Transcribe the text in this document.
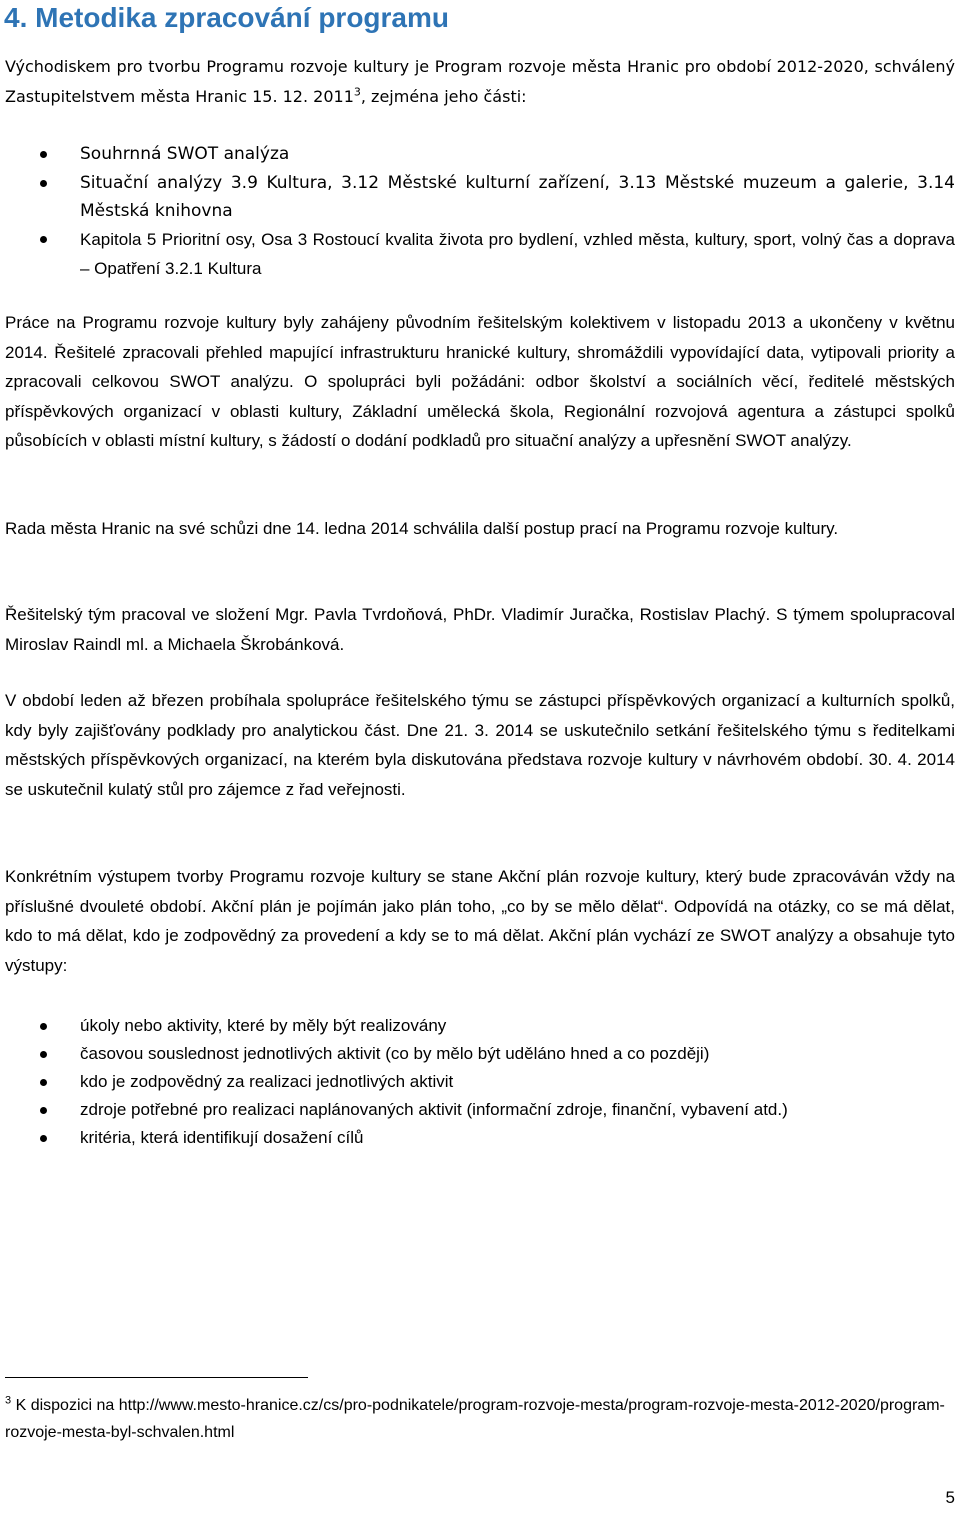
4. Metodika zpracování programu

Východiskem pro tvorbu Programu rozvoje kultury je Program rozvoje města Hranic pro období 2012-2020, schválený Zastupitelstvem města Hranic 15. 12. 2011$^3$, zejména jeho části:

Souhrnná SWOT analýza
Situační analýzy 3.9 Kultura, 3.12 Městské kulturní zařízení, 3.13 Městské muzeum a galerie, 3.14 Městská knihovna
Kapitola 5 Prioritní osy, Osa 3 Rostoucí kvalita života pro bydlení, vzhled města, kultury, sport, volný čas a doprava – Opatření 3.2.1 Kultura

Práce na Programu rozvoje kultury byly zahájeny původním řešitelským kolektivem v listopadu 2013 a ukončeny v květnu 2014. Řešitelé zpracovali přehled mapující infrastrukturu hranické kultury, shromáždili vypovídající data, vytipovali priority a zpracovali celkovou SWOT analýzu. O spolupráci byli požádáni: odbor školství a sociálních věcí, ředitelé městských příspěvkových organizací v oblasti kultury, Základní umělecká škola, Regionální rozvojová agentura a zástupci spolků působících v oblasti místní kultury, s žádostí o dodání podkladů pro situační analýzy a upřesnění SWOT analýzy.

Rada města Hranic na své schůzi dne 14. ledna 2014 schválila další postup prací na Programu rozvoje kultury.

Řešitelský tým pracoval ve složení Mgr. Pavla Tvrdoňová, PhDr. Vladimír Juračka, Rostislav Plachý. S týmem spolupracoval Miroslav Raindl ml. a Michaela Škrobánková.

V období leden až březen probíhala spolupráce řešitelského týmu se zástupci příspěvkových organizací a kulturních spolků, kdy byly zajišťovány podklady pro analytickou část. Dne 21. 3. 2014 se uskutečnilo setkání řešitelského týmu s ředitelkami městských příspěvkových organizací, na kterém byla diskutována představa rozvoje kultury v návrhovém období. 30. 4. 2014 se uskutečnil kulatý stůl pro zájemce z řad veřejnosti.

Konkrétním výstupem tvorby Programu rozvoje kultury se stane Akční plán rozvoje kultury, který bude zpracováván vždy na příslušné dvouleté období. Akční plán je pojímán jako plán toho, „co by se mělo dělat“. Odpovídá na otázky, co se má dělat, kdo to má dělat, kdo je zodpovědný za provedení a kdy se to má dělat. Akční plán vychází ze SWOT analýzy a obsahuje tyto výstupy:

úkoly nebo aktivity, které by měly být realizovány
časovou souslednost jednotlivých aktivit (co by mělo být uděláno hned a co později)
kdo je zodpovědný za realizaci jednotlivých aktivit
zdroje potřebné pro realizaci naplánovaných aktivit (informační zdroje, finanční, vybavení atd.)
kritéria, která identifikují dosažení cílů
$^3$ K dispozici na http://www.mesto-hranice.cz/cs/pro-podnikatele/program-rozvoje-mesta/program-rozvoje-mesta-2012-2020/program-rozvoje-mesta-byl-schvalen.html
5
